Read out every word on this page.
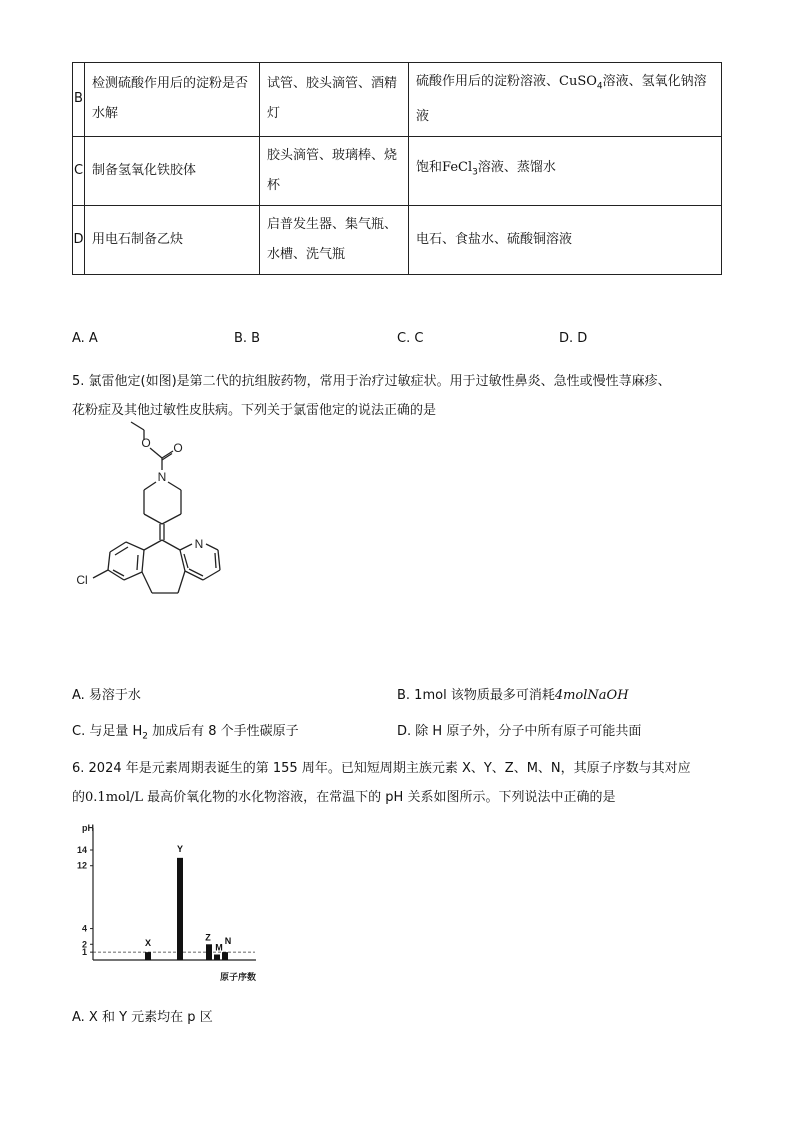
B	检测硫酸作用后的淀粉是否水解	试管、胶头滴管、酒精灯	硫酸作用后的淀粉溶液、CuSO$_4$溶液、氢氧化钠溶液
C	制备氢氧化铁胶体	胶头滴管、玻璃棒、烧杯	饱和FeCl$_3$溶液、蒸馏水
D	用电石制备乙炔	启普发生器、集气瓶、水槽、洗气瓶	电石、食盐水、硫酸铜溶液
A. A	B. B	C. C	D. D
5. 氯雷他定(如图)是第二代的抗组胺药物，常用于治疗过敏症状。用于过敏性鼻炎、急性或慢性荨麻疹、
花粉症及其他过敏性皮肤病。下列关于氯雷他定的说法正确的是
O O
N
N
Cl
A. 易溶于水	B. 1mol 该物质最多可消耗4molNaOH
C. 与足量 $H_2$ 加成后有 8 个手性碳原子	D. 除 H 原子外，分子中所有原子可能共面
6. 2024 年是元素周期表诞生的第 155 周年。已知短周期主族元素 X、Y、Z、M、N，其原子序数与其对应
的0.1mol/L 最高价氧化物的水化物溶液，在常温下的 pH 关系如图所示。下列说法中正确的是
pH
原子序数
1
2
4
12
14
X
Y
Z
M
N
A. X 和 Y 元素均在 p 区
